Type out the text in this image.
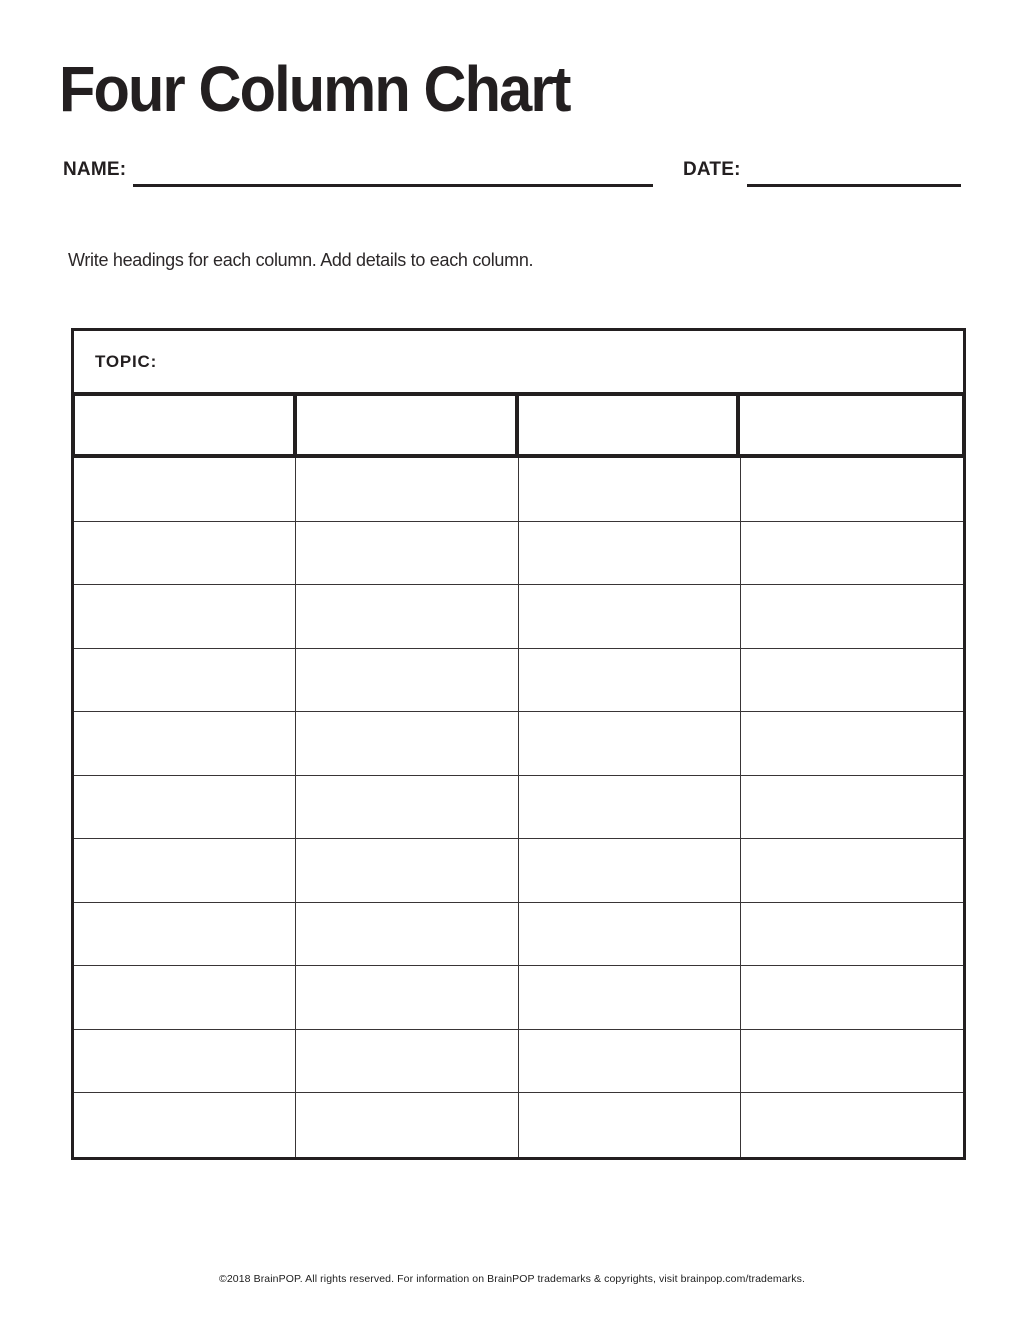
Four Column Chart
NAME:	DATE:

Write headings for each column. Add details to each column.

TOPIC:

©2018 BrainPOP. All rights reserved. For information on BrainPOP trademarks & copyrights, visit brainpop.com/trademarks.
